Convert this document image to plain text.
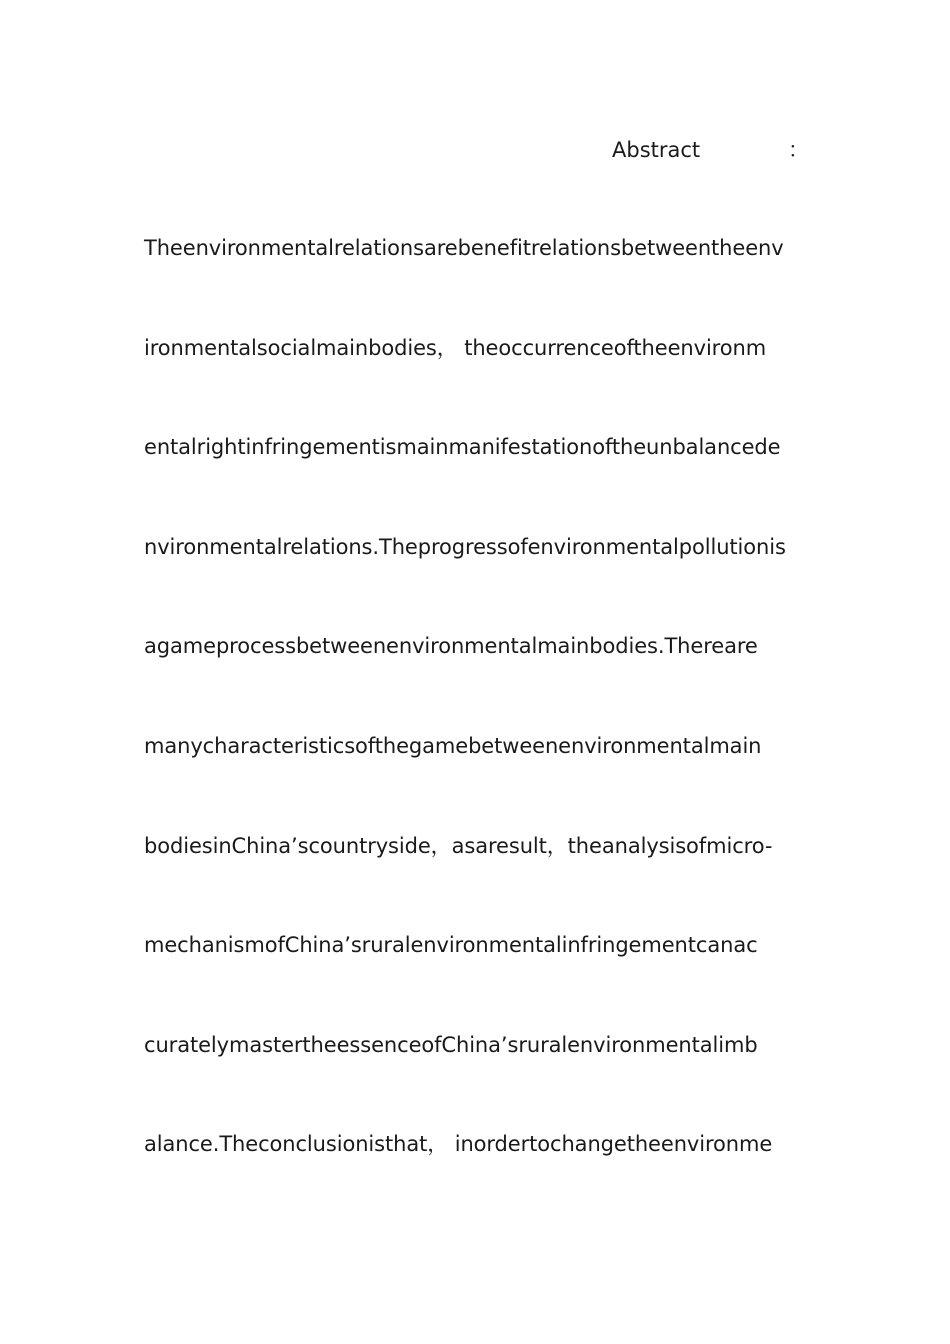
Abstract	：
Theenvironmentalrelationsarebenefitrelationsbetweentheenv
ironmentalsocialmainbodies， theoccurrenceoftheenvironm
entalrightinfringementismainmanifestationoftheunbalancede
nvironmentalrelations.Theprogressofenvironmentalpollutionis
agameprocessbetweenenvironmentalmainbodies.Thereare
manycharacteristicsofthegamebetweenenvironmentalmain
bodiesinChina’scountryside，asaresult，theanalysisofmicro-
mechanismofChina’sruralenvironmentalinfringementcanac
curatelymastertheessenceofChina’sruralenvironmentalimb
alance.Theconclusionisthat， inordertochangetheenvironme
